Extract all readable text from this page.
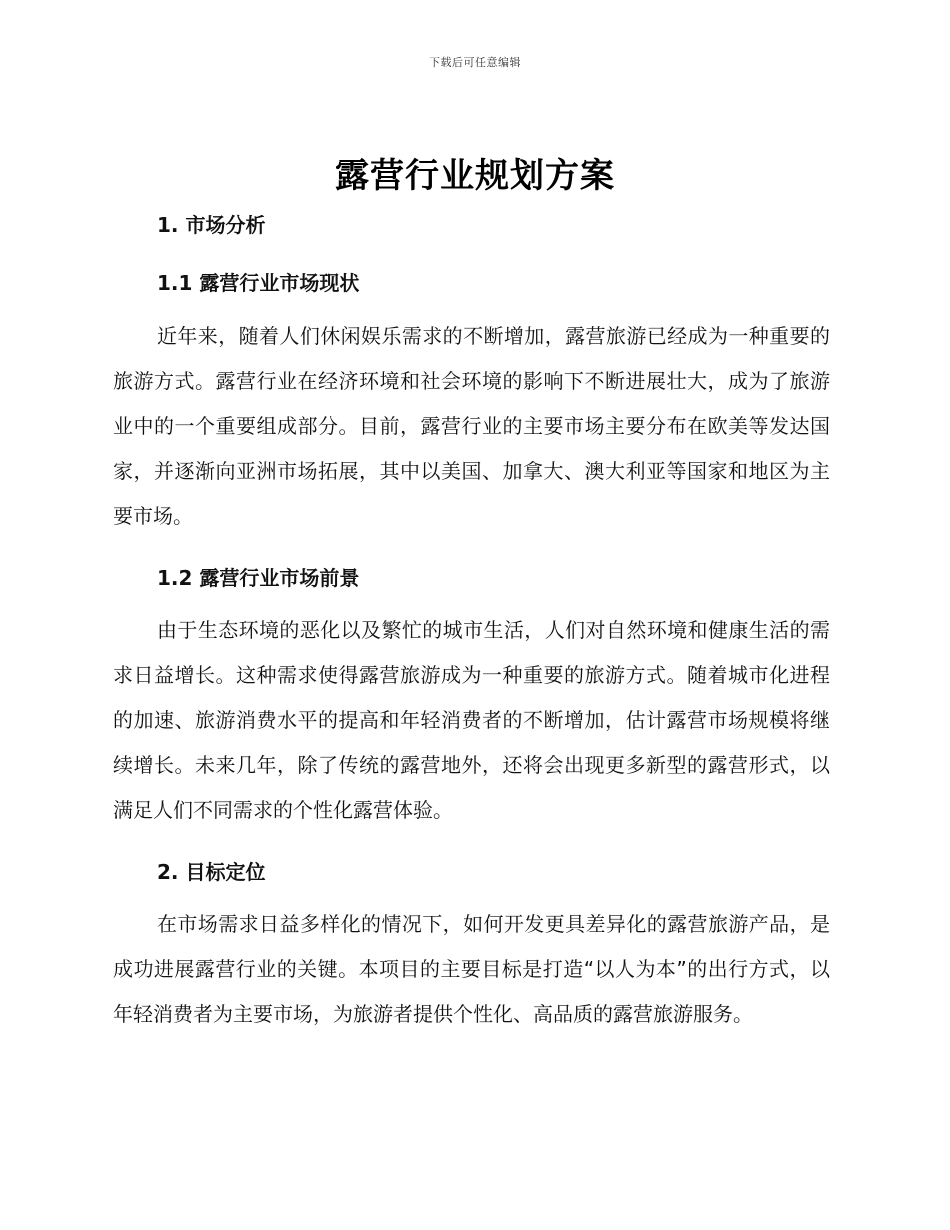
下载后可任意编辑
露营行业规划方案
1. 市场分析
1.1 露营行业市场现状

近年来，随着人们休闲娱乐需求的不断增加，露营旅游已经成为一种重要的旅游方式。露营行业在经济环境和社会环境的影响下不断进展壮大，成为了旅游业中的一个重要组成部分。目前，露营行业的主要市场主要分布在欧美等发达国家，并逐渐向亚洲市场拓展，其中以美国、加拿大、澳大利亚等国家和地区为主要市场。

1.2 露营行业市场前景

由于生态环境的恶化以及繁忙的城市生活，人们对自然环境和健康生活的需求日益增长。这种需求使得露营旅游成为一种重要的旅游方式。随着城市化进程的加速、旅游消费水平的提高和年轻消费者的不断增加，估计露营市场规模将继续增长。未来几年，除了传统的露营地外，还将会出现更多新型的露营形式，以满足人们不同需求的个性化露营体验。

2. 目标定位

在市场需求日益多样化的情况下，如何开发更具差异化的露营旅游产品，是成功进展露营行业的关键。本项目的主要目标是打造“以人为本”的出行方式，以年轻消费者为主要市场，为旅游者提供个性化、高品质的露营旅游服务。
